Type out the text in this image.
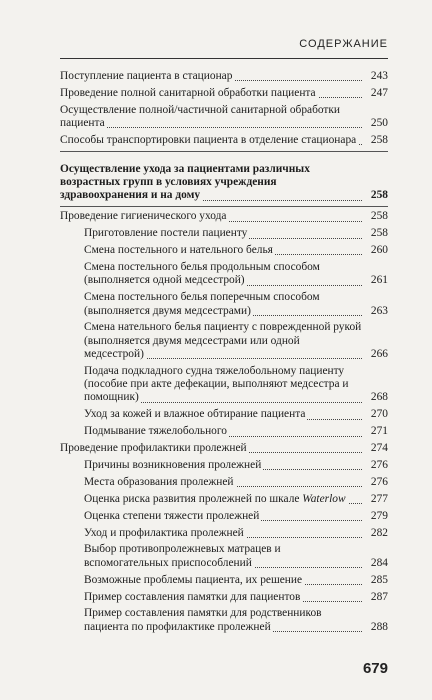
СОДЕРЖАНИЕ
Поступление пациента в стационар	243
Проведение полной санитарной обработки пациента	247
Осуществление полной/частичной санитарной обработки пациента	250
Способы транспортировки пациента в отделение стационара	258
Осуществление ухода за пациентами различных возрастных групп в условиях учреждения здравоохранения и на дому	258
Проведение гигиенического ухода	258
Приготовление постели пациенту	258
Смена постельного и нательного белья	260
Смена постельного белья продольным способом (выполняется одной медсестрой)	261
Смена постельного белья поперечным способом (выполняется двумя медсестрами)	263
Смена нательного белья пациенту с поврежденной рукой (выполняется двумя медсестрами или одной медсестрой)	266
Подача подкладного судна тяжелобольному пациенту (пособие при акте дефекации, выполняют медсестра и помощник)	268
Уход за кожей и влажное обтирание пациента	270
Подмывание тяжелобольного	271
Проведение профилактики пролежней	274
Причины возникновения пролежней	276
Места образования пролежней	276
Оценка риска развития пролежней по шкале Waterlow	277
Оценка степени тяжести пролежней	279
Уход и профилактика пролежней	282
Выбор противопролежневых матрацев и вспомогательных приспособлений	284
Возможные проблемы пациента, их решение	285
Пример составления памятки для пациентов	287
Пример составления памятки для родственников пациента по профилактике пролежней	288
679
